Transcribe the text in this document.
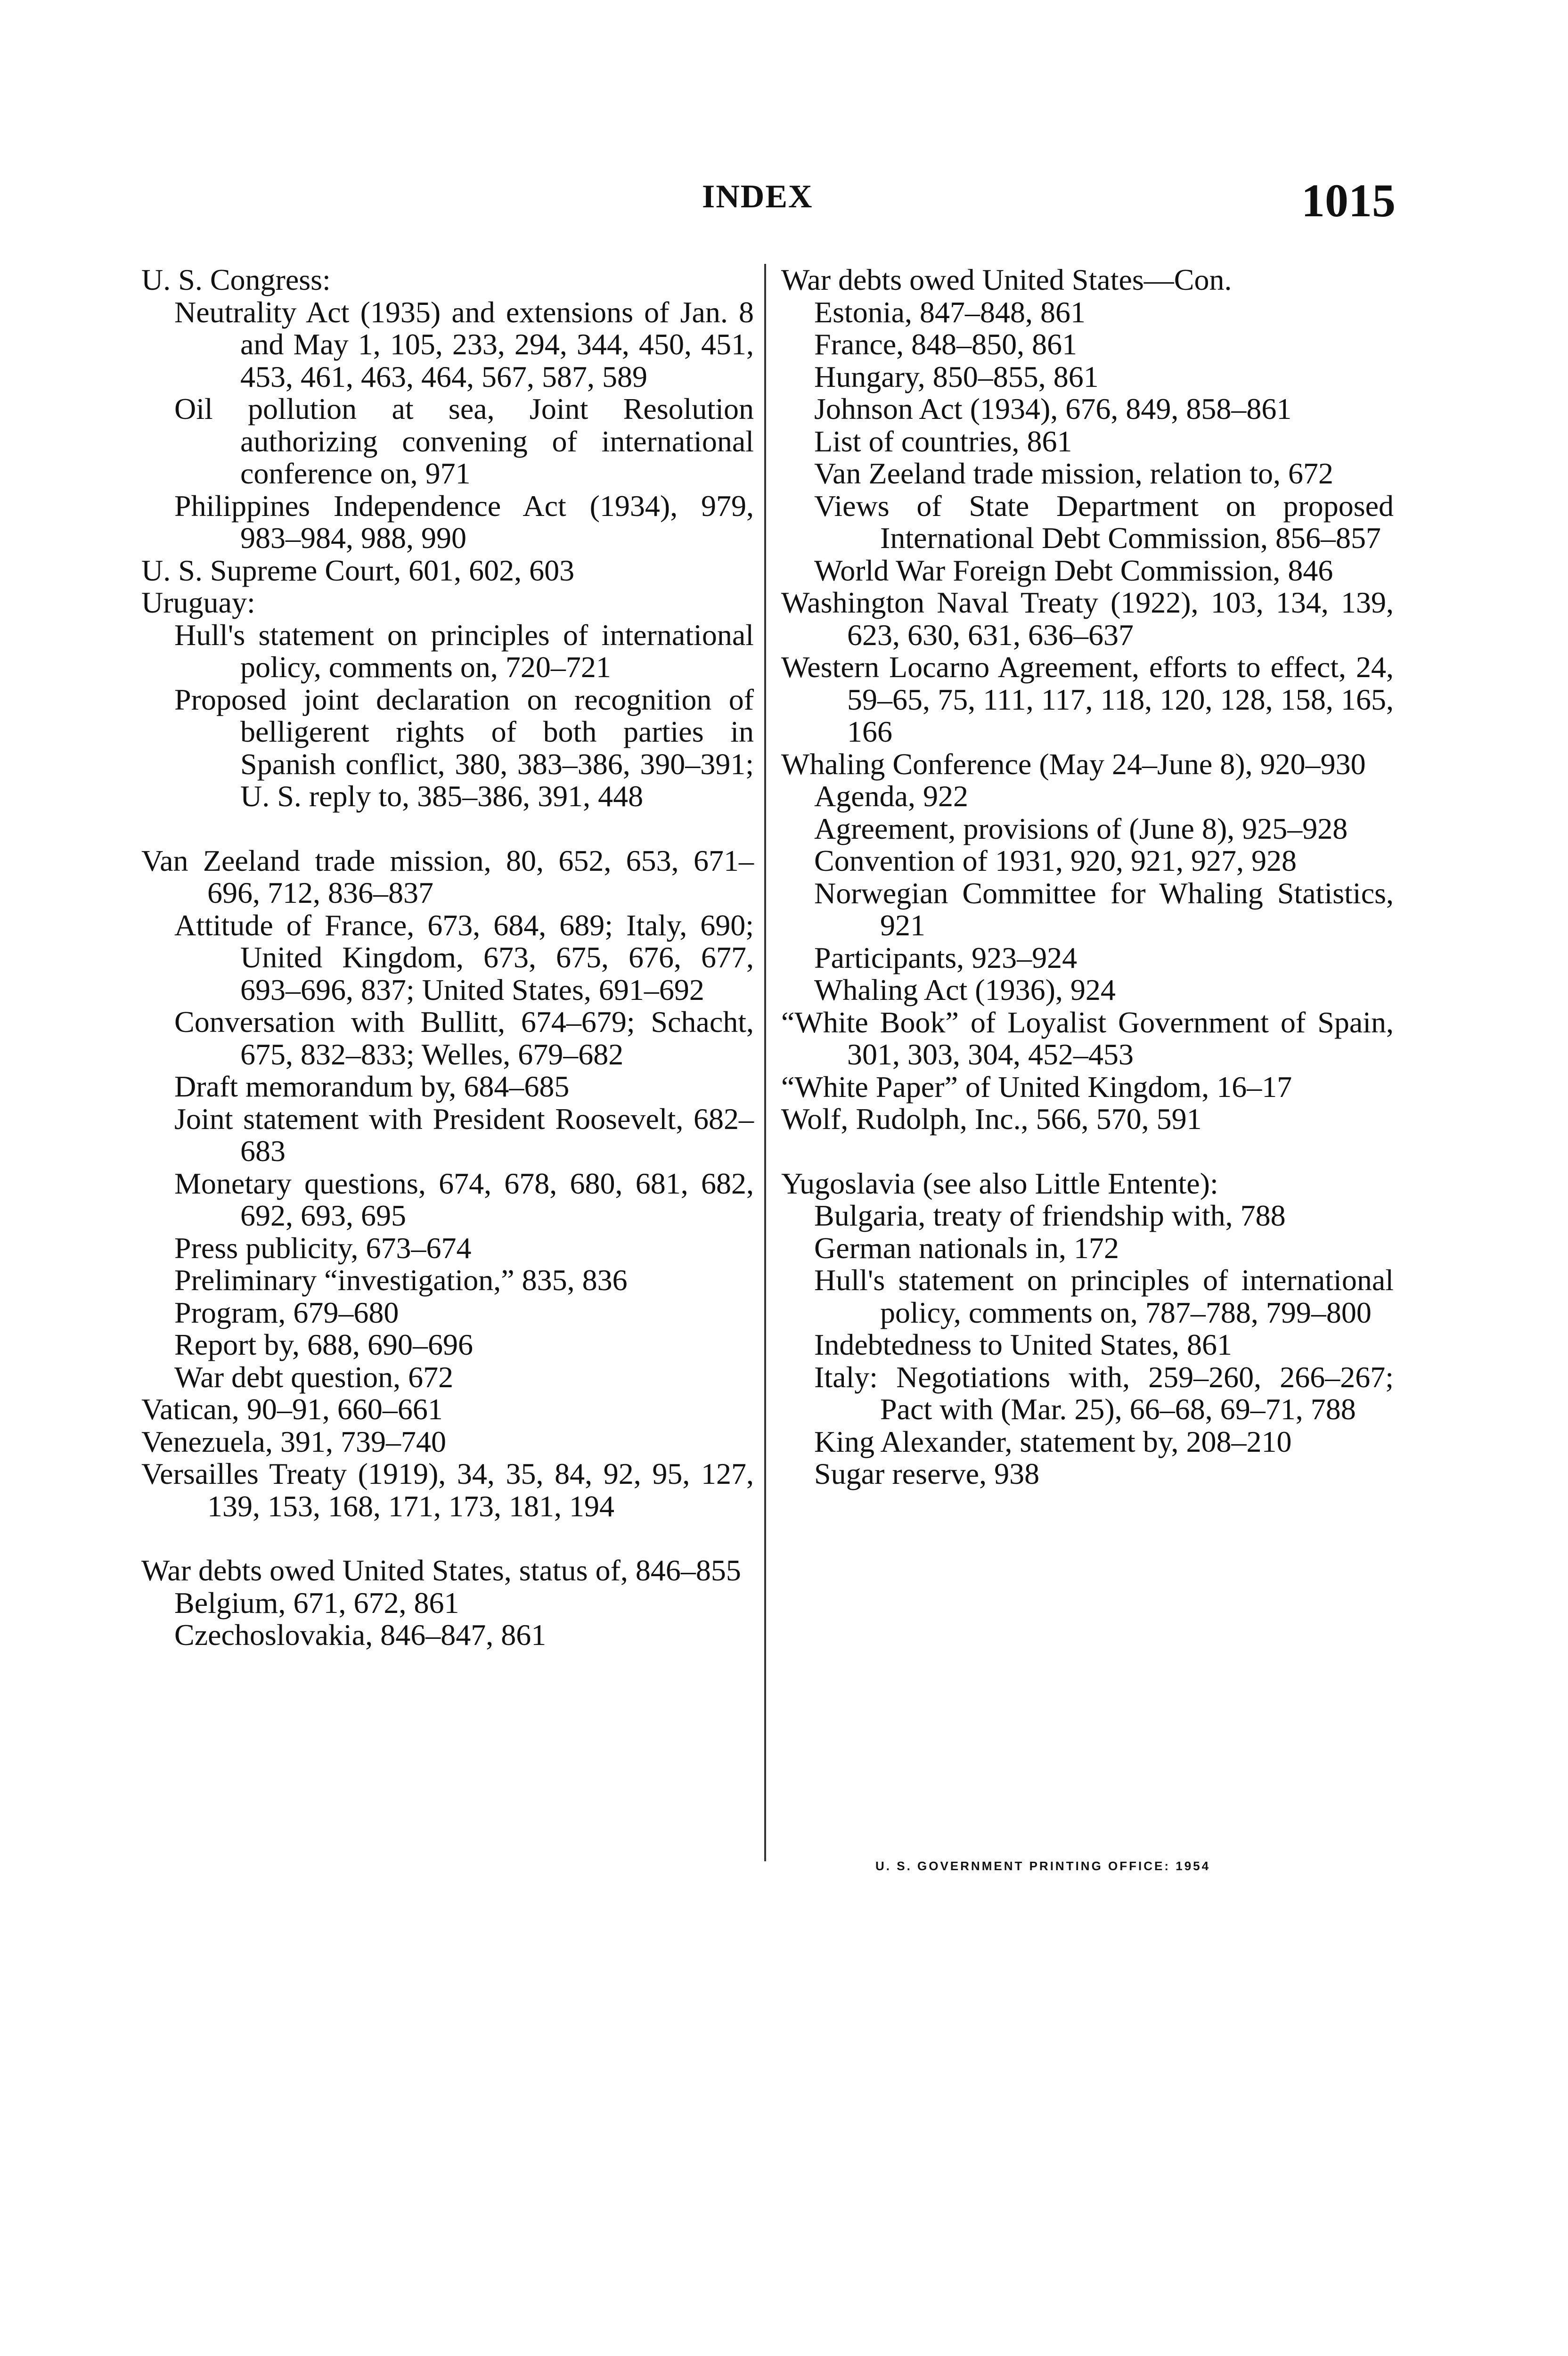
INDEX	1015

U. S. Congress:

Neutrality Act (1935) and extensions of Jan. 8 and May 1, 105, 233, 294, 344, 450, 451, 453, 461, 463, 464, 567, 587, 589

Oil pollution at sea, Joint Resolution authorizing convening of international conference on, 971

Philippines Independence Act (1934), 979, 983–984, 988, 990

U. S. Supreme Court, 601, 602, 603

Uruguay:

Hull's statement on principles of international policy, comments on, 720–721

Proposed joint declaration on recognition of belligerent rights of both parties in Spanish conflict, 380, 383–386, 390–391; U. S. reply to, 385–386, 391, 448

Van Zeeland trade mission, 80, 652, 653, 671–696, 712, 836–837

Attitude of France, 673, 684, 689; Italy, 690; United Kingdom, 673, 675, 676, 677, 693–696, 837; United States, 691–692

Conversation with Bullitt, 674–679; Schacht, 675, 832–833; Welles, 679–682

Draft memorandum by, 684–685

Joint statement with President Roosevelt, 682–683

Monetary questions, 674, 678, 680, 681, 682, 692, 693, 695

Press publicity, 673–674

Preliminary “investigation,” 835, 836

Program, 679–680

Report by, 688, 690–696

War debt question, 672

Vatican, 90–91, 660–661

Venezuela, 391, 739–740

Versailles Treaty (1919), 34, 35, 84, 92, 95, 127, 139, 153, 168, 171, 173, 181, 194

War debts owed United States, status of, 846–855

Belgium, 671, 672, 861

Czechoslovakia, 846–847, 861

War debts owed United States—Con.

Estonia, 847–848, 861

France, 848–850, 861

Hungary, 850–855, 861

Johnson Act (1934), 676, 849, 858–861

List of countries, 861

Van Zeeland trade mission, relation to, 672

Views of State Department on proposed International Debt Commission, 856–857

World War Foreign Debt Commission, 846

Washington Naval Treaty (1922), 103, 134, 139, 623, 630, 631, 636–637

Western Locarno Agreement, efforts to effect, 24, 59–65, 75, 111, 117, 118, 120, 128, 158, 165, 166

Whaling Conference (May 24–June 8), 920–930

Agenda, 922

Agreement, provisions of (June 8), 925–928

Convention of 1931, 920, 921, 927, 928

Norwegian Committee for Whaling Statistics, 921

Participants, 923–924

Whaling Act (1936), 924

“White Book” of Loyalist Government of Spain, 301, 303, 304, 452–453

“White Paper” of United Kingdom, 16–17

Wolf, Rudolph, Inc., 566, 570, 591

Yugoslavia (see also Little Entente):

Bulgaria, treaty of friendship with, 788

German nationals in, 172

Hull's statement on principles of international policy, comments on, 787–788, 799–800

Indebtedness to United States, 861

Italy: Negotiations with, 259–260, 266–267; Pact with (Mar. 25), 66–68, 69–71, 788

King Alexander, statement by, 208–210

Sugar reserve, 938

U. S. GOVERNMENT PRINTING OFFICE: 1954
